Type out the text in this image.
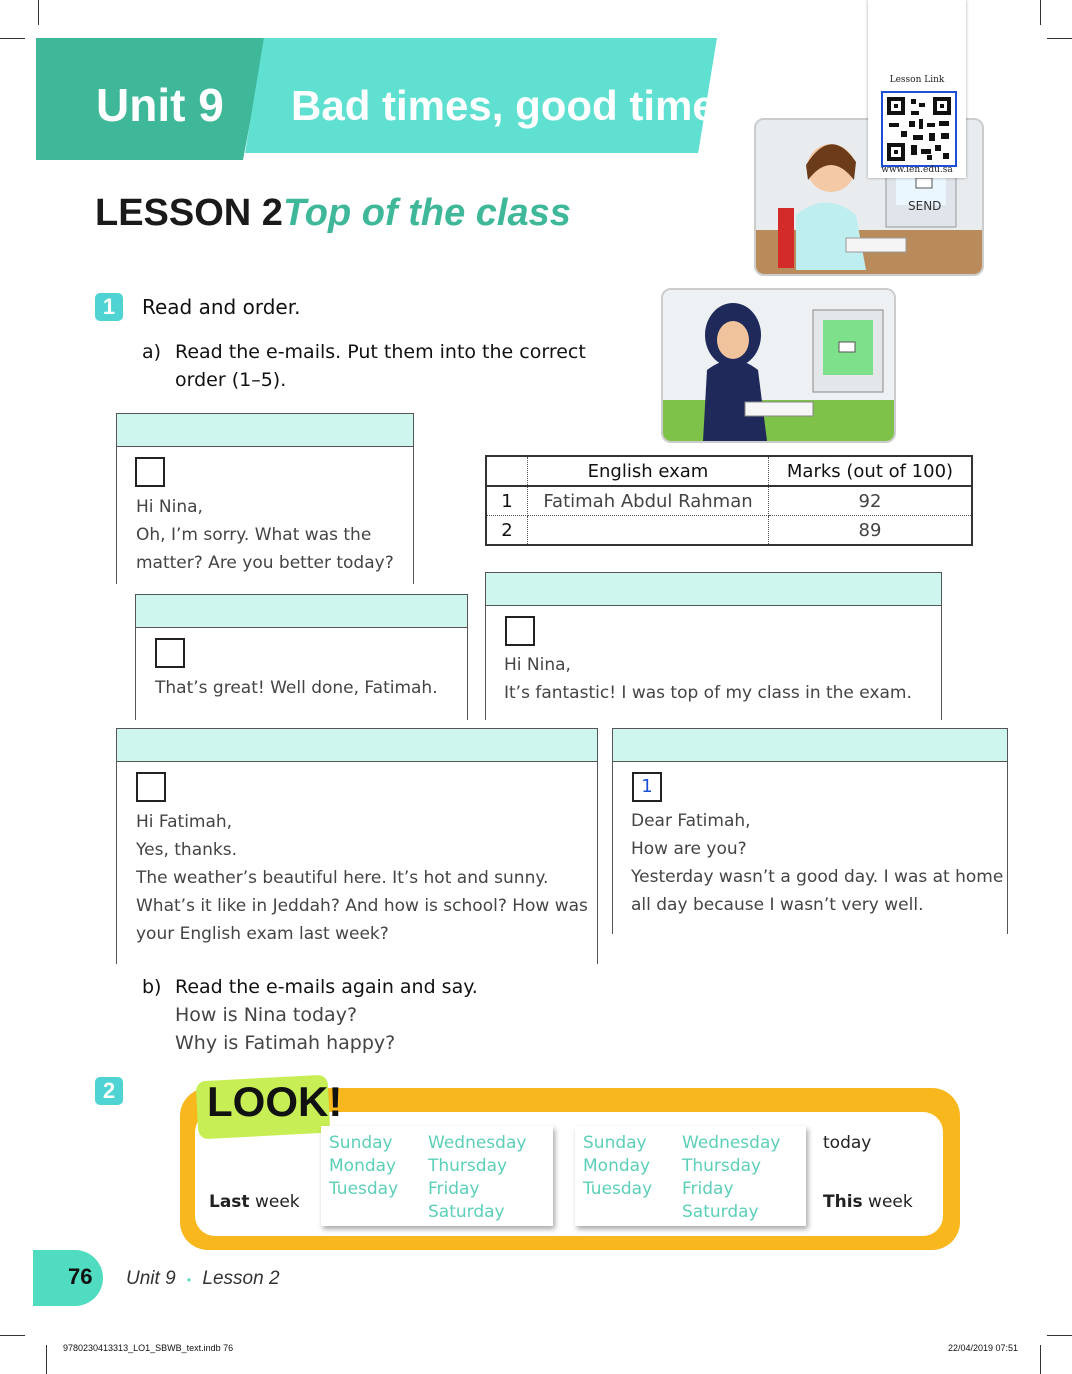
Unit 9 Bad times, good times
LESSON 2 Top of the class	SEND
Lesson Link
www.ien.edu.sa
1	Read and order.
a) Read the e-mails. Put them into the correct
order (1–5).
Hi Nina,
Oh, I’m sorry. What was the
matter? Are you better today?
	English exam	Marks (out of 100)
1	Fatimah Abdul Rahman	92
2		89
That’s great! Well done, Fatimah.
Hi Nina,
It’s fantastic! I was top of my class in the exam.
Hi Fatimah,
Yes, thanks.
The weather’s beautiful here. It’s hot and sunny.
What’s it like in Jeddah? And how is school? How was
your English exam last week?
1
Dear Fatimah,
How are you?
Yesterday wasn’t a good day. I was at home
all day because I wasn’t very well.
b) Read the e-mails again and say.
How is Nina today?
Why is Fatimah happy?
2 LOOK!
Last week
Sunday
Monday
Tuesday
Wednesday
Thursday
Friday
Saturday
Sunday
Monday
Tuesday
Wednesday
Thursday
Friday
Saturday
today
This week
76 Unit 9 • Lesson 2
9780230413313_LO1_SBWB_text.indb 76	22/04/2019 07:51
